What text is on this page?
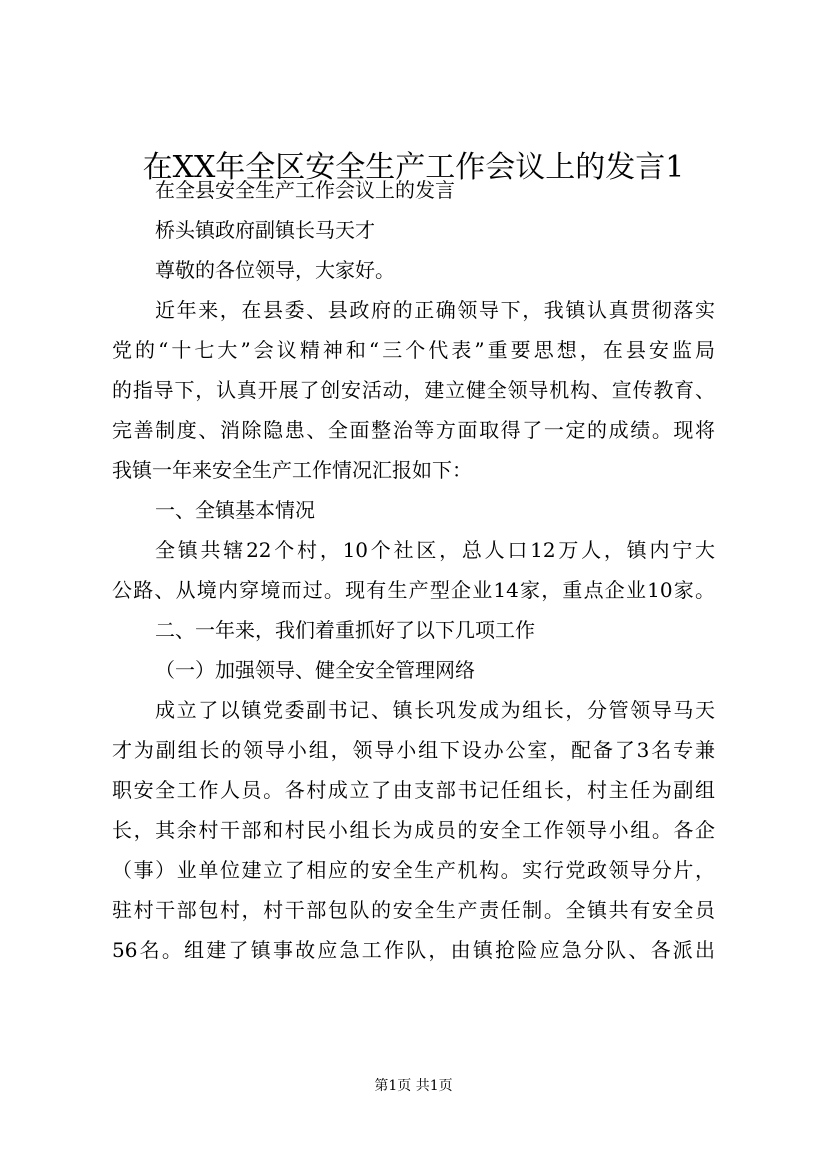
在XX年全区安全生产工作会议上的发言1
在全县安全生产工作会议上的发言
桥头镇政府副镇长马天才
尊敬的各位领导，大家好。
近年来，在县委、县政府的正确领导下，我镇认真贯彻落实
党的“十七大”会议精神和“三个代表”重要思想，在县安监局
的指导下，认真开展了创安活动，建立健全领导机构、宣传教育、
完善制度、消除隐患、全面整治等方面取得了一定的成绩。现将
我镇一年来安全生产工作情况汇报如下：
一、全镇基本情况
全镇共辖22个村，10个社区，总人口12万人，镇内宁大
公路、从境内穿境而过。现有生产型企业14家，重点企业10家。
二、一年来，我们着重抓好了以下几项工作
（一）加强领导、健全安全管理网络
成立了以镇党委副书记、镇长巩发成为组长，分管领导马天
才为副组长的领导小组，领导小组下设办公室，配备了3名专兼
职安全工作人员。各村成立了由支部书记任组长，村主任为副组
长，其余村干部和村民小组长为成员的安全工作领导小组。各企
（事）业单位建立了相应的安全生产机构。实行党政领导分片，
驻村干部包村，村干部包队的安全生产责任制。全镇共有安全员
56名。组建了镇事故应急工作队，由镇抢险应急分队、各派出
第1页 共1页
